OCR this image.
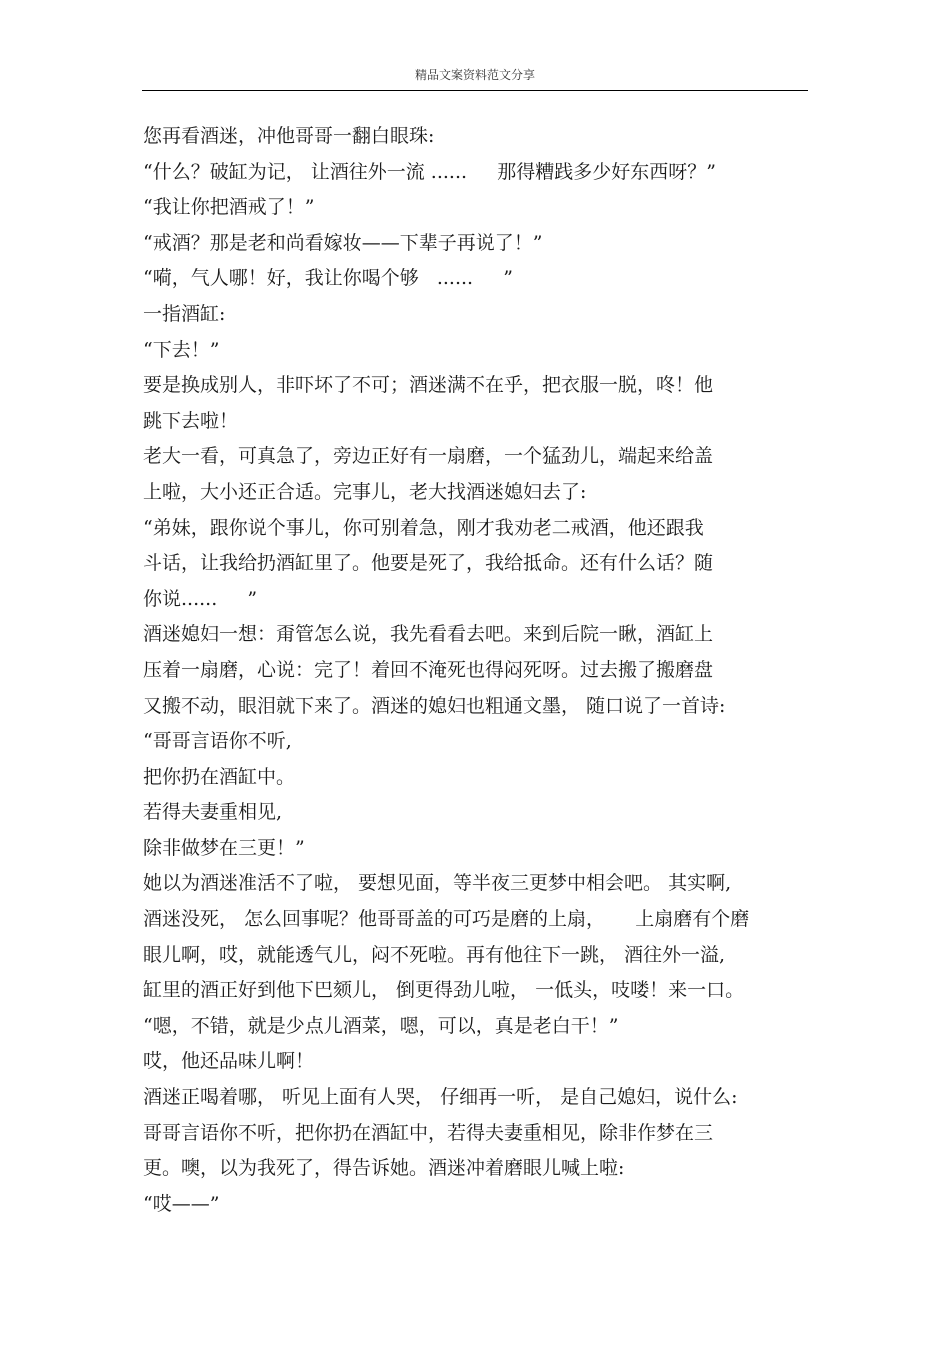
精品文案资料范文分享
您再看酒迷，冲他哥哥一翻白眼珠:
“什么？破缸为记， 让酒往外一流 ......     那得糟践多少好东西呀？”
“我让你把酒戒了！”
“戒酒？那是老和尚看嫁妆——下辈子再说了！”
“嗬，气人哪！好，我让你喝个够   ......     ”
一指酒缸:
“下去！”
要是换成别人，非吓坏了不可；酒迷满不在乎，把衣服一脱，咚！他
跳下去啦！
老大一看，可真急了，旁边正好有一扇磨，一个猛劲儿，端起来给盖
上啦，大小还正合适。完事儿，老大找酒迷媳妇去了:
“弟妹，跟你说个事儿，你可别着急，刚才我劝老二戒酒，他还跟我
斗话，让我给扔酒缸里了。他要是死了，我给抵命。还有什么话？随
你说......     ”
酒迷媳妇一想：甭管怎么说，我先看看去吧。来到后院一瞅，酒缸上
压着一扇磨，心说：完了！着回不淹死也得闷死呀。过去搬了搬磨盘
又搬不动，眼泪就下来了。酒迷的媳妇也粗通文墨， 随口说了一首诗:
“哥哥言语你不听,
把你扔在酒缸中。
若得夫妻重相见,
除非做梦在三更！”
她以为酒迷准活不了啦， 要想见面，等半夜三更梦中相会吧。 其实啊,
酒迷没死， 怎么回事呢？他哥哥盖的可巧是磨的上扇，     上扇磨有个磨
眼儿啊，哎，就能透气儿，闷不死啦。再有他往下一跳， 酒往外一溢,
缸里的酒正好到他下巴颏儿， 倒更得劲儿啦， 一低头，吱喽！来一口。
“嗯，不错，就是少点儿酒菜，嗯，可以，真是老白干！”
哎，他还品味儿啊！
酒迷正喝着哪， 听见上面有人哭， 仔细再一听， 是自己媳妇，说什么:
哥哥言语你不听，把你扔在酒缸中，若得夫妻重相见，除非作梦在三
更。噢，以为我死了，得告诉她。酒迷冲着磨眼儿喊上啦:
“哎——”
